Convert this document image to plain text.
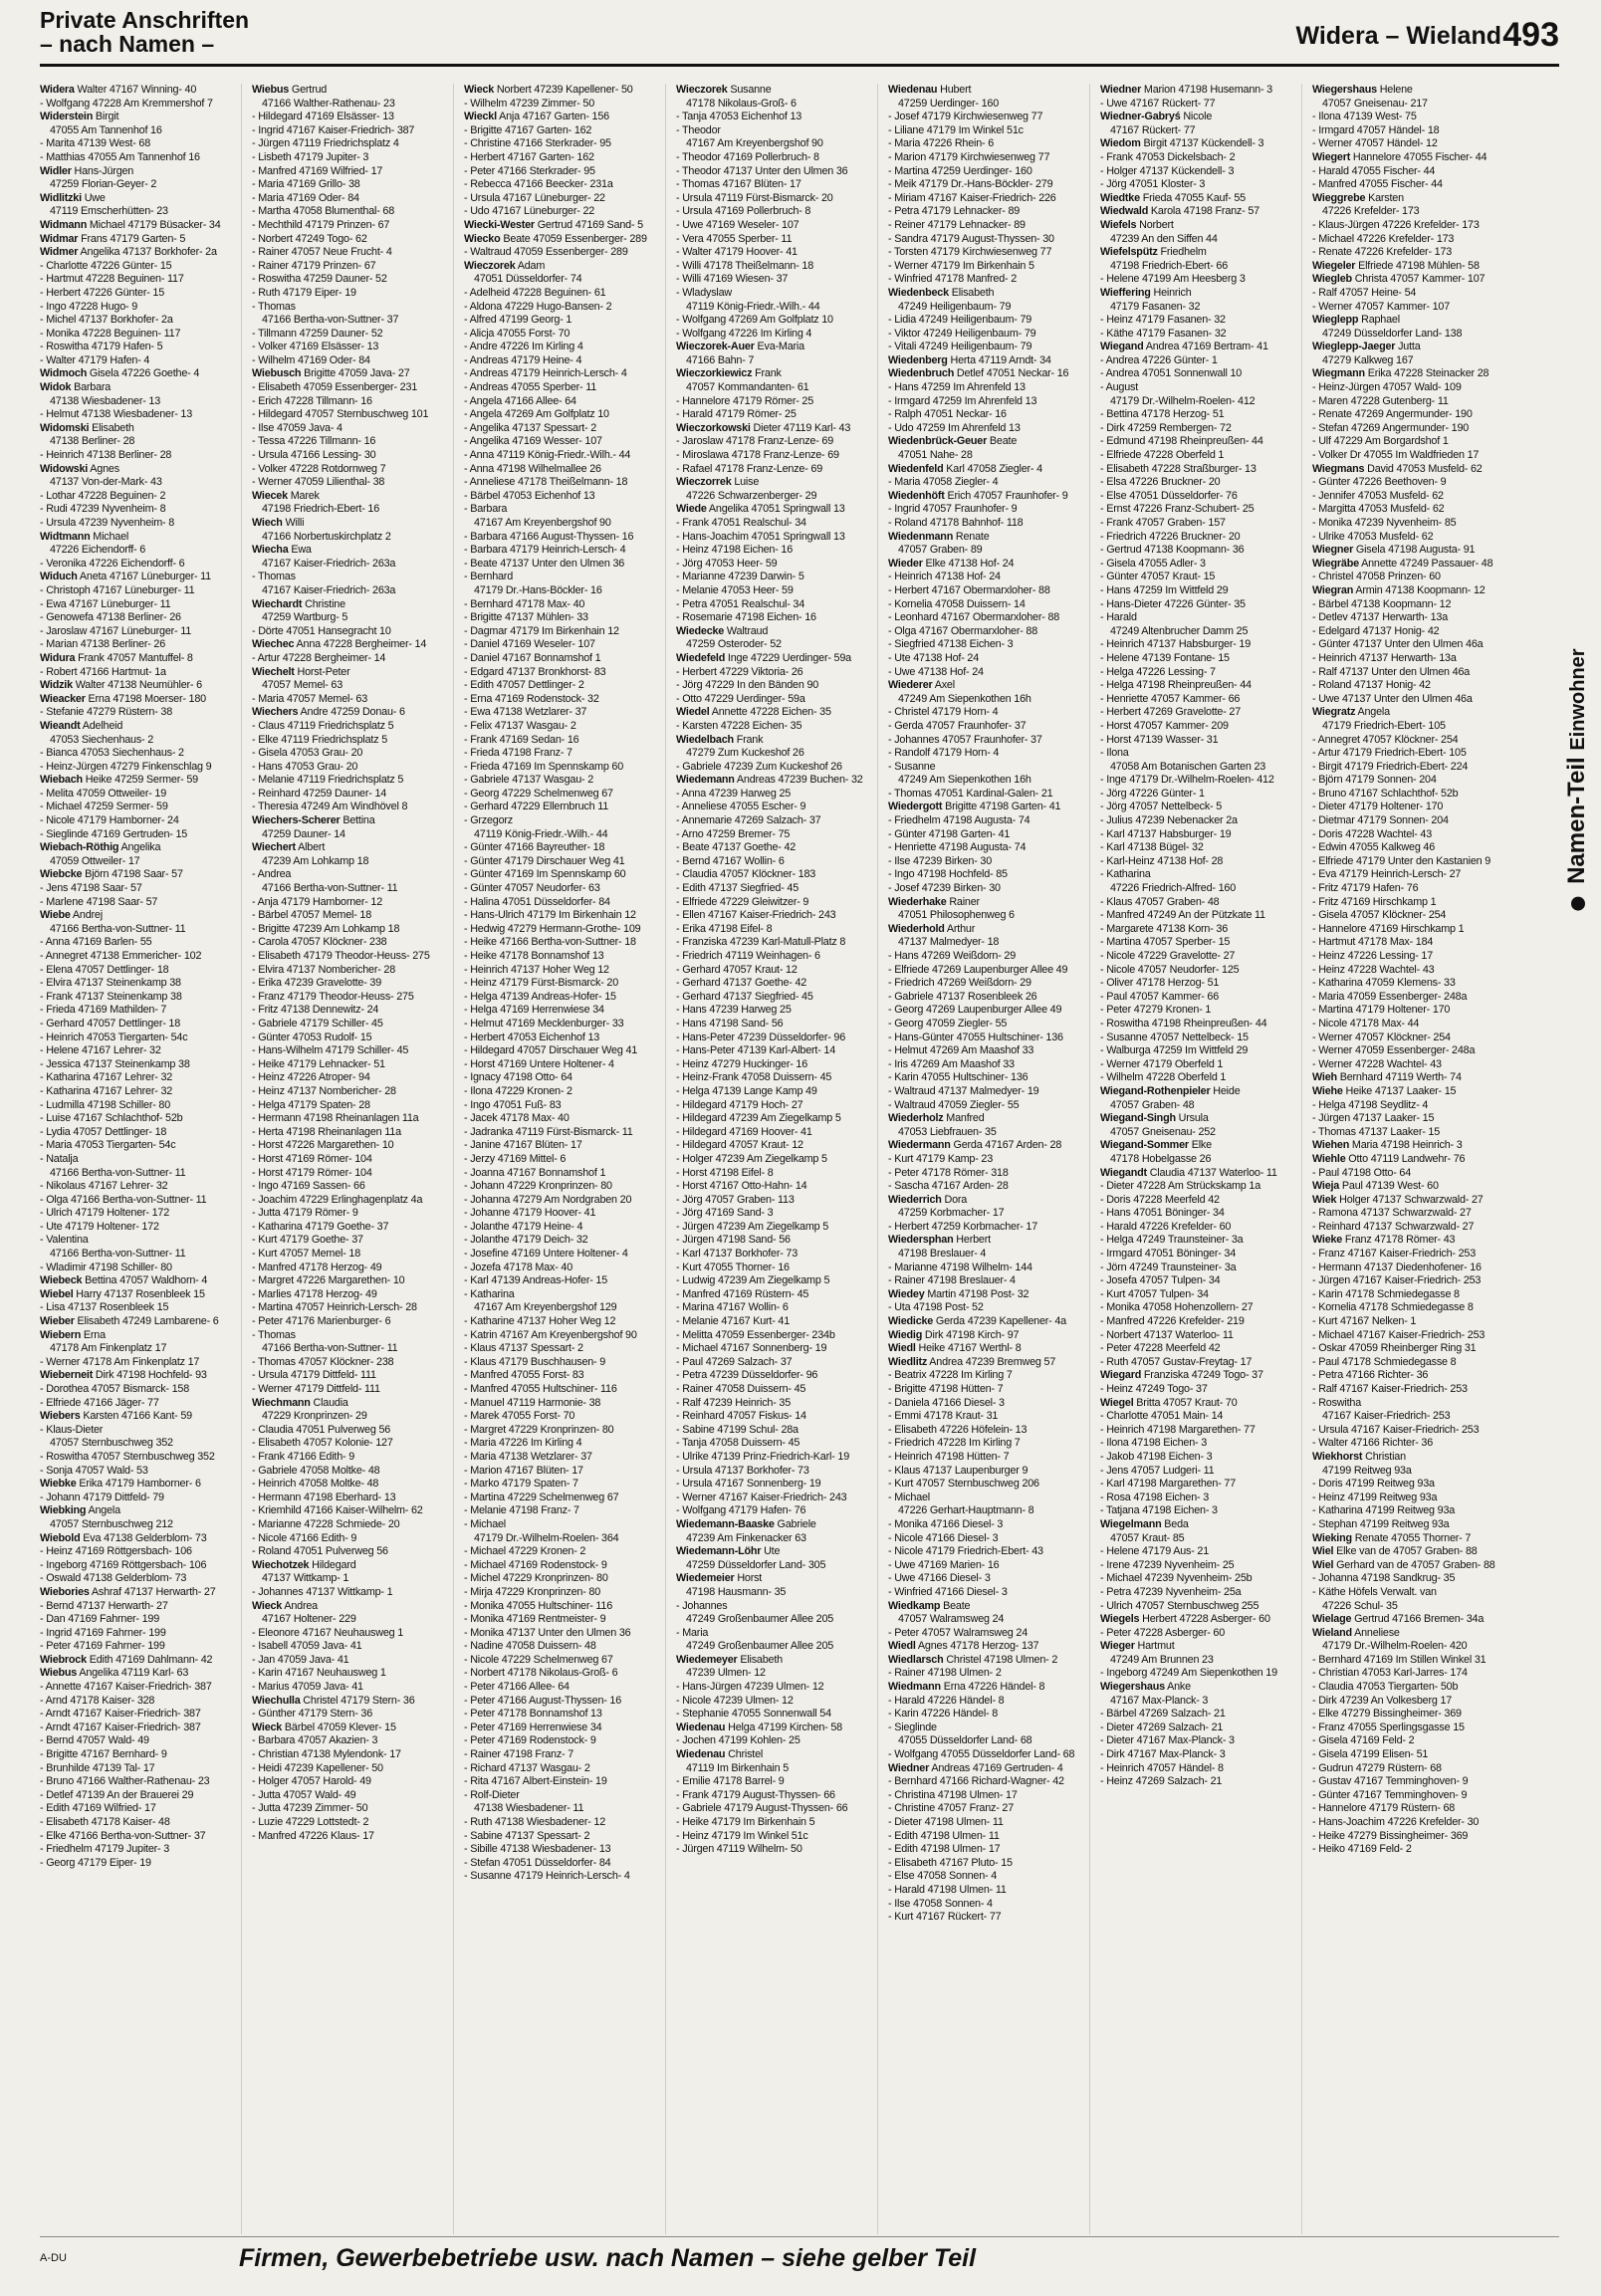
Private Anschriften
– nach Namen –	Widera – Wieland 493
Widera Walter 47167 Winning- 40
- Wolfgang 47228 Am Kremmershof 7
Widerstein Birgit
47055 Am Tannenhof 16
- Marita 47139 West- 68
- Matthias 47055 Am Tannenhof 16
Widler Hans-Jürgen
47259 Florian-Geyer- 2
Widlitzki Uwe
47119 Emscherhütten- 23
Widmann Michael 47179 Büsacker- 34
Widmar Frans 47179 Garten- 5
Widmer Angelika 47137 Borkhofer- 2a
- Charlotte 47226 Günter- 15
- Hartmut 47228 Beguinen- 117
- Herbert 47226 Günter- 15
- Ingo 47228 Hugo- 9
- Michel 47137 Borkhofer- 2a
- Monika 47228 Beguinen- 117
- Roswitha 47179 Hafen- 5
- Walter 47179 Hafen- 4
Widmoch Gisela 47226 Goethe- 4
Widok Barbara
47138 Wiesbadener- 13
- Helmut 47138 Wiesbadener- 13
Widomski Elisabeth
47138 Berliner- 28
- Heinrich 47138 Berliner- 28
Widowski Agnes
47137 Von-der-Mark- 43
- Lothar 47228 Beguinen- 2
- Rudi 47239 Nyvenheim- 8
- Ursula 47239 Nyvenheim- 8
Widtmann Michael
47226 Eichendorff- 6
- Veronika 47226 Eichendorff- 6
Widuch Aneta 47167 Lüneburger- 11
- Christoph 47167 Lüneburger- 11
- Ewa 47167 Lüneburger- 11
- Genowefa 47138 Berliner- 26
- Jaroslaw 47167 Lüneburger- 11
- Marian 47138 Berliner- 26
Widura Frank 47057 Mantuffel- 8
- Robert 47166 Hartmut- 1a
Widzik Walter 47138 Neumühler- 6
Wieacker Erna 47198 Moerser- 180
- Stefanie 47279 Rüstern- 38
Wieandt Adelheid
47053 Siechenhaus- 2
- Bianca 47053 Siechenhaus- 2
- Heinz-Jürgen 47279 Finkenschlag 9
Wiebach Heike 47259 Sermer- 59
- Melita 47059 Ottweiler- 19
- Michael 47259 Sermer- 59
- Nicole 47179 Hamborner- 24
- Sieglinde 47169 Gertruden- 15
Wiebach-Röthig Angelika
47059 Ottweiler- 17
Wiebcke Björn 47198 Saar- 57
- Jens 47198 Saar- 57
- Marlene 47198 Saar- 57
Wiebe Andrej
47166 Bertha-von-Suttner- 11
- Anna 47169 Barlen- 55
- Annegret 47138 Emmericher- 102
- Elena 47057 Dettlinger- 18
- Elvira 47137 Steinenkamp 38
- Frank 47137 Steinenkamp 38
- Frieda 47169 Mathilden- 7
- Gerhard 47057 Dettlinger- 18
- Heinrich 47053 Tiergarten- 54c
- Helene 47167 Lehrer- 32
- Jessica 47137 Steinenkamp 38
- Katharina 47167 Lehrer- 32
- Katharina 47167 Lehrer- 32
- Ludmilla 47198 Schiller- 80
- Luise 47167 Schlachthof- 52b
- Lydia 47057 Dettlinger- 18
- Maria 47053 Tiergarten- 54c
- Natalja
47166 Bertha-von-Suttner- 11
- Nikolaus 47167 Lehrer- 32
- Olga 47166 Bertha-von-Suttner- 11
- Ulrich 47179 Holtener- 172
- Ute 47179 Holtener- 172
- Valentina
47166 Bertha-von-Suttner- 11
- Wladimir 47198 Schiller- 80
Wiebeck Bettina 47057 Waldhorn- 4
Wiebel Harry 47137 Rosenbleek 15
- Lisa 47137 Rosenbleek 15
Wieber Elisabeth 47249 Lambarene- 6
Wiebern Erna
47178 Am Finkenplatz 17
- Werner 47178 Am Finkenplatz 17
Wieberneit Dirk 47198 Hochfeld- 93
- Dorothea 47057 Bismarck- 158
- Elfriede 47166 Jäger- 77
Wiebers Karsten 47166 Kant- 59
- Klaus-Dieter
47057 Sternbuschweg 352
- Roswitha 47057 Sternbuschweg 352
- Sonja 47057 Wald- 53
Wiebke Erika 47179 Hamborner- 6
- Johann 47179 Dittfeld- 79
Wiebking Angela
47057 Sternbuschweg 212
Wiebold Eva 47138 Gelderblom- 73
- Heinz 47169 Röttgersbach- 106
- Ingeborg 47169 Röttgersbach- 106
- Oswald 47138 Gelderblom- 73
Wiebories Ashraf 47137 Herwarth- 27
- Bernd 47137 Herwarth- 27
- Dan 47169 Fahrner- 199
- Ingrid 47169 Fahrner- 199
- Peter 47169 Fahrner- 199
Wiebrock Edith 47169 Dahlmann- 42
Wiebus Angelika 47119 Karl- 63
- Annette 47167 Kaiser-Friedrich- 387
- Arnd 47178 Kaiser- 328
- Arndt 47167 Kaiser-Friedrich- 387
- Arndt 47167 Kaiser-Friedrich- 387
- Bernd 47057 Wald- 49
- Brigitte 47167 Bernhard- 9
- Brunhilde 47139 Tal- 17
- Bruno 47166 Walther-Rathenau- 23
- Detlef 47139 An der Brauerei 29
- Edith 47169 Wilfried- 17
- Elisabeth 47178 Kaiser- 48
- Elke 47166 Bertha-von-Suttner- 37
- Friedhelm 47179 Jupiter- 3
- Georg 47179 Eiper- 19
Wiebus Gertrud
47166 Walther-Rathenau- 23
- Hildegard 47169 Elsässer- 13
- Ingrid 47167 Kaiser-Friedrich- 387
- Jürgen 47119 Friedrichsplatz 4
- Lisbeth 47179 Jupiter- 3
- Manfred 47169 Wilfried- 17
- Maria 47169 Grillo- 38
- Maria 47169 Oder- 84
- Martha 47058 Blumenthal- 68
- Mechthild 47179 Prinzen- 67
- Norbert 47249 Togo- 62
- Rainer 47057 Neue Frucht- 4
- Rainer 47179 Prinzen- 67
- Roswitha 47259 Dauner- 52
- Ruth 47179 Eiper- 19
- Thomas
47166 Bertha-von-Suttner- 37
- Tillmann 47259 Dauner- 52
- Volker 47169 Elsässer- 13
- Wilhelm 47169 Oder- 84
Wiebusch Brigitte 47059 Java- 27
- Elisabeth 47059 Essenberger- 231
- Erich 47228 Tillmann- 16
- Hildegard 47057 Sternbuschweg 101
- Ilse 47059 Java- 4
- Tessa 47226 Tillmann- 16
- Ursula 47166 Lessing- 30
- Volker 47228 Rotdornweg 7
- Werner 47059 Lilienthal- 38
Wiecek Marek
47198 Friedrich-Ebert- 16
Wiech Willi
47166 Norbertuskirchplatz 2
Wiecha Ewa
47167 Kaiser-Friedrich- 263a
- Thomas
47167 Kaiser-Friedrich- 263a
Wiechardt Christine
47259 Wartburg- 5
- Dörte 47051 Hansegracht 10
Wiechec Anna 47228 Bergheimer- 14
- Artur 47228 Bergheimer- 14
Wiechelt Horst-Peter
47057 Memel- 63
- Maria 47057 Memel- 63
Wiechers Andre 47259 Donau- 6
- Claus 47119 Friedrichsplatz 5
- Elke 47119 Friedrichsplatz 5
- Gisela 47053 Grau- 20
- Hans 47053 Grau- 20
- Melanie 47119 Friedrichsplatz 5
- Reinhard 47259 Dauner- 14
- Theresia 47249 Am Windhövel 8
Wiechers-Scherer Bettina
47259 Dauner- 14
Wiechert Albert
47239 Am Lohkamp 18
- Andrea
47166 Bertha-von-Suttner- 11
- Anja 47179 Hamborner- 12
- Bärbel 47057 Memel- 18
- Brigitte 47239 Am Lohkamp 18
- Carola 47057 Klöckner- 238
- Elisabeth 47179 Theodor-Heuss- 275
- Elvira 47137 Nombericher- 28
- Erika 47239 Gravelotte- 39
- Franz 47179 Theodor-Heuss- 275
- Fritz 47138 Dennewitz- 24
- Gabriele 47179 Schiller- 45
- Günter 47053 Rudolf- 15
- Hans-Wilhelm 47179 Schiller- 45
- Heike 47179 Lehnacker- 51
- Heinz 47226 Atroper- 94
- Heinz 47137 Nombericher- 28
- Helga 47179 Spaten- 28
- Hermann 47198 Rheinanlagen 11a
- Herta 47198 Rheinanlagen 11a
- Horst 47226 Margarethen- 10
- Horst 47169 Römer- 104
- Horst 47179 Römer- 104
- Ingo 47169 Sassen- 66
- Joachim 47229 Erlinghagenplatz 4a
- Jutta 47179 Römer- 9
- Katharina 47179 Goethe- 37
- Kurt 47179 Goethe- 37
- Kurt 47057 Memel- 18
- Manfred 47178 Herzog- 49
- Margret 47226 Margarethen- 10
- Marlies 47178 Herzog- 49
- Martina 47057 Heinrich-Lersch- 28
- Peter 47176 Marienburger- 6
- Thomas
47166 Bertha-von-Suttner- 11
- Thomas 47057 Klöckner- 238
- Ursula 47179 Dittfeld- 111
- Werner 47179 Dittfeld- 111
Wiechmann Claudia
47229 Kronprinzen- 29
- Claudia 47051 Pulverweg 56
- Elisabeth 47057 Kolonie- 127
- Frank 47166 Edith- 9
- Gabriele 47058 Moltke- 48
- Heinrich 47058 Moltke- 48
- Hermann 47198 Eberhard- 13
- Kriemhild 47166 Kaiser-Wilhelm- 62
- Marianne 47228 Schmiede- 20
- Nicole 47166 Edith- 9
- Roland 47051 Pulverweg 56
Wiechotzek Hildegard
47137 Wittkamp- 1
- Johannes 47137 Wittkamp- 1
Wieck Andrea
47167 Holtener- 229
- Eleonore 47167 Neuhausweg 1
- Isabell 47059 Java- 41
- Jan 47059 Java- 41
- Karin 47167 Neuhausweg 1
- Marius 47059 Java- 41
Wiechulla Christel 47179 Stern- 36
- Günther 47179 Stern- 36
Wieck Bärbel 47059 Klever- 15
- Barbara 47057 Akazien- 3
- Christian 47138 Mylendonk- 17
- Heidi 47239 Kapellener- 50
- Holger 47057 Harold- 49
- Jutta 47057 Wald- 49
- Jutta 47239 Zimmer- 50
- Luzie 47229 Lottstedt- 2
- Manfred 47226 Klaus- 17
Wieck Norbert 47239 Kapellener- 50
- Wilhelm 47239 Zimmer- 50
Wieckl Anja 47167 Garten- 156
- Brigitte 47167 Garten- 162
- Christine 47166 Sterkrader- 95
- Herbert 47167 Garten- 162
- Peter 47166 Sterkrader- 95
- Rebecca 47166 Beecker- 231a
- Ursula 47167 Lüneburger- 22
- Udo 47167 Lüneburger- 22
Wiecki-Wester Gertrud 47169 Sand- 5
Wiecko Beate 47059 Essenberger- 289
- Waltraud 47059 Essenberger- 289
Wieczorek Adam
47051 Düsseldorfer- 74
- Adelheid 47228 Beguinen- 61
- Aldona 47229 Hugo-Bansen- 2
- Alfred 47199 Georg- 1
- Alicja 47055 Forst- 70
- Andre 47226 Im Kirling 4
- Andreas 47179 Heine- 4
- Andreas 47179 Heinrich-Lersch- 4
- Andreas 47055 Sperber- 11
- Angela 47166 Allee- 64
- Angela 47269 Am Golfplatz 10
- Angelika 47137 Spessart- 2
- Angelika 47169 Wesser- 107
- Anna 47119 König-Friedr.-Wilh.- 44
- Anna 47198 Wilhelmallee 26
- Anneliese 47178 Theißelmann- 18
- Bärbel 47053 Eichenhof 13
- Barbara
47167 Am Kreyenbergshof 90
- Barbara 47166 August-Thyssen- 16
- Barbara 47179 Heinrich-Lersch- 4
- Beate 47137 Unter den Ulmen 36
- Bernhard
47179 Dr.-Hans-Böckler- 16
- Bernhard 47178 Max- 40
- Brigitte 47137 Mühlen- 33
- Dagmar 47179 Im Birkenhain 12
- Daniel 47169 Weseler- 107
- Daniel 47167 Bonnamshof 1
- Edgard 47137 Bronkhorst- 83
- Edith 47057 Dettlinger- 2
- Erna 47169 Rodenstock- 32
- Ewa 47138 Wetzlarer- 37
- Felix 47137 Wasgau- 2
- Frank 47169 Sedan- 16
- Frieda 47198 Franz- 7
- Frieda 47169 Im Spennskamp 60
- Gabriele 47137 Wasgau- 2
- Georg 47229 Schelmenweg 67
- Gerhard 47229 Ellernbruch 11
- Grzegorz
47119 König-Friedr.-Wilh.- 44
- Günter 47166 Bayreuther- 18
- Günter 47179 Dirschauer Weg 41
- Günter 47169 Im Spennskamp 60
- Günter 47057 Neudorfer- 63
- Halina 47051 Düsseldorfer- 84
- Hans-Ulrich 47179 Im Birkenhain 12
- Hedwig 47279 Hermann-Grothe- 109
- Heike 47166 Bertha-von-Suttner- 18
- Heike 47178 Bonnamshof 13
- Heinrich 47137 Hoher Weg 12
- Heinz 47179 Fürst-Bismarck- 20
- Helga 47139 Andreas-Hofer- 15
- Helga 47169 Herrenwiese 34
- Helmut 47169 Mecklenburger- 33
- Herbert 47053 Eichenhof 13
- Hildegard 47057 Dirschauer Weg 41
- Horst 47169 Untere Holtener- 4
- Ignacy 47198 Otto- 64
- Ilona 47229 Kronen- 2
- Ingo 47051 Fuß- 83
- Jacek 47178 Max- 40
- Jadranka 47119 Fürst-Bismarck- 11
- Janine 47167 Blüten- 17
- Jerzy 47169 Mittel- 6
- Joanna 47167 Bonnamshof 1
- Johann 47229 Kronprinzen- 80
- Johanna 47279 Am Nordgraben 20
- Johanne 47179 Hoover- 41
- Jolanthe 47179 Heine- 4
- Jolanthe 47179 Deich- 32
- Josefine 47169 Untere Holtener- 4
- Jozefa 47178 Max- 40
- Karl 47139 Andreas-Hofer- 15
- Katharina
47167 Am Kreyenbergshof 129
- Katharine 47137 Hoher Weg 12
- Katrin 47167 Am Kreyenbergshof 90
- Klaus 47137 Spessart- 2
- Klaus 47179 Buschhausen- 9
- Manfred 47055 Forst- 83
- Manfred 47055 Hultschiner- 116
- Manuel 47119 Harmonie- 38
- Marek 47055 Forst- 70
- Margret 47229 Kronprinzen- 80
- Maria 47226 Im Kirling 4
- Maria 47138 Wetzlarer- 37
- Marion 47167 Blüten- 17
- Marko 47179 Spaten- 7
- Martina 47229 Schelmenweg 67
- Melanie 47198 Franz- 7
- Michael
47179 Dr.-Wilhelm-Roelen- 364
- Michael 47229 Kronen- 2
- Michael 47169 Rodenstock- 9
- Michel 47229 Kronprinzen- 80
- Mirja 47229 Kronprinzen- 80
- Monika 47055 Hultschiner- 116
- Monika 47169 Rentmeister- 9
- Monika 47137 Unter den Ulmen 36
- Nadine 47058 Duissern- 48
- Nicole 47229 Schelmenweg 67
- Norbert 47178 Nikolaus-Groß- 6
- Peter 47166 Allee- 64
- Peter 47166 August-Thyssen- 16
- Peter 47178 Bonnamshof 13
- Peter 47169 Herrenwiese 34
- Peter 47169 Rodenstock- 9
- Rainer 47198 Franz- 7
- Richard 47137 Wasgau- 2
- Rita 47167 Albert-Einstein- 19
- Rolf-Dieter
47138 Wiesbadener- 11
- Ruth 47138 Wiesbadener- 12
- Sabine 47137 Spessart- 2
- Sibille 47138 Wiesbadener- 13
- Stefan 47051 Düsseldorfer- 84
- Susanne 47179 Heinrich-Lersch- 4
Wieczorek Susanne
47178 Nikolaus-Groß- 6
- Tanja 47053 Eichenhof 13
- Theodor
47167 Am Kreyenbergshof 90
- Theodor 47169 Pollerbruch- 8
- Theodor 47137 Unter den Ulmen 36
- Thomas 47167 Blüten- 17
- Ursula 47119 Fürst-Bismarck- 20
- Ursula 47169 Pollerbruch- 8
- Uwe 47169 Weseler- 107
- Vera 47055 Sperber- 11
- Walter 47179 Hoover- 41
- Willi 47178 Theißelmann- 18
- Willi 47169 Wiesen- 37
- Wladyslaw
47119 König-Friedr.-Wilh.- 44
- Wolfgang 47269 Am Golfplatz 10
- Wolfgang 47226 Im Kirling 4
Wieczorek-Auer Eva-Maria
47166 Bahn- 7
Wieczorkiewicz Frank
47057 Kommandanten- 61
- Hannelore 47179 Römer- 25
- Harald 47179 Römer- 25
Wieczorkowski Dieter 47119 Karl- 43
- Jaroslaw 47178 Franz-Lenze- 69
- Miroslawa 47178 Franz-Lenze- 69
- Rafael 47178 Franz-Lenze- 69
Wieczorrek Luise
47226 Schwarzenberger- 29
Wiede Angelika 47051 Springwall 13
- Frank 47051 Realschul- 34
- Hans-Joachim 47051 Springwall 13
- Heinz 47198 Eichen- 16
- Jörg 47053 Heer- 59
- Marianne 47239 Darwin- 5
- Melanie 47053 Heer- 59
- Petra 47051 Realschul- 34
- Rosemarie 47198 Eichen- 16
Wiedecke Waltraud
47259 Osteroder- 52
Wiedefeld Inge 47229 Uerdinger- 59a
- Herbert 47229 Viktoria- 26
- Jörg 47229 In den Bänden 90
- Otto 47229 Uerdinger- 59a
Wiedel Annette 47228 Eichen- 35
- Karsten 47228 Eichen- 35
Wiedelbach Frank
47279 Zum Kuckeshof 26
- Gabriele 47239 Zum Kuckeshof 26
Wiedemann Andreas 47239 Buchen- 32
- Anna 47239 Harweg 25
- Anneliese 47055 Escher- 9
- Annemarie 47269 Salzach- 37
- Arno 47259 Bremer- 75
- Beate 47137 Goethe- 42
- Bernd 47167 Wollin- 6
- Claudia 47057 Klöckner- 183
- Edith 47137 Siegfried- 45
- Elfriede 47229 Gleiwitzer- 9
- Ellen 47167 Kaiser-Friedrich- 243
- Erika 47198 Eifel- 8
- Franziska 47239 Karl-Matull-Platz 8
- Friedrich 47119 Weinhagen- 6
- Gerhard 47057 Kraut- 12
- Gerhard 47137 Goethe- 42
- Gerhard 47137 Siegfried- 45
- Hans 47239 Harweg 25
- Hans 47198 Sand- 56
- Hans-Peter 47239 Düsseldorfer- 96
- Hans-Peter 47139 Karl-Albert- 14
- Heinz 47279 Huckinger- 16
- Heinz-Frank 47058 Duissern- 45
- Helga 47139 Lange Kamp 49
- Hildegard 47179 Hoch- 27
- Hildegard 47239 Am Ziegelkamp 5
- Hildegard 47169 Hoover- 41
- Hildegard 47057 Kraut- 12
- Holger 47239 Am Ziegelkamp 5
- Horst 47198 Eifel- 8
- Horst 47167 Otto-Hahn- 14
- Jörg 47057 Graben- 113
- Jörg 47169 Sand- 3
- Jürgen 47239 Am Ziegelkamp 5
- Jürgen 47198 Sand- 56
- Karl 47137 Borkhofer- 73
- Kurt 47055 Thorner- 16
- Ludwig 47239 Am Ziegelkamp 5
- Manfred 47169 Rüstern- 45
- Marina 47167 Wollin- 6
- Melanie 47167 Kurt- 41
- Melitta 47059 Essenberger- 234b
- Michael 47167 Sonnenberg- 19
- Paul 47269 Salzach- 37
- Petra 47239 Düsseldorfer- 96
- Rainer 47058 Duissern- 45
- Ralf 47239 Heinrich- 35
- Reinhard 47057 Fiskus- 14
- Sabine 47199 Schul- 28a
- Tanja 47058 Duissern- 45
- Ulrike 47139 Prinz-Friedrich-Karl- 19
- Ursula 47137 Borkhofer- 73
- Ursula 47167 Sonnenberg- 19
- Werner 47167 Kaiser-Friedrich- 243
- Wolfgang 47179 Hafen- 76
Wiedemann-Baaske Gabriele
47239 Am Finkenacker 63
Wiedemann-Löhr Ute
47259 Düsseldorfer Land- 305
Wiedemeier Horst
47198 Hausmann- 35
- Johannes
47249 Großenbaumer Allee 205
- Maria
47249 Großenbaumer Allee 205
Wiedemeyer Elisabeth
47239 Ulmen- 12
- Hans-Jürgen 47239 Ulmen- 12
- Nicole 47239 Ulmen- 12
- Stephanie 47055 Sonnenwall 54
Wiedenau Helga 47199 Kirchen- 58
- Jochen 47199 Kohlen- 25
Wiedenau Christel
47119 Im Birkenhain 5
- Emilie 47178 Barrel- 9
- Frank 47179 August-Thyssen- 66
- Gabriele 47179 August-Thyssen- 66
- Heike 47179 Im Birkenhain 5
- Heinz 47179 Im Winkel 51c
- Jürgen 47119 Wilhelm- 50
Wiedenau Hubert
47259 Uerdinger- 160
- Josef 47179 Kirchwiesenweg 77
- Liliane 47179 Im Winkel 51c
- Maria 47226 Rhein- 6
- Marion 47179 Kirchwiesenweg 77
- Martina 47259 Uerdinger- 160
- Meik 47179 Dr.-Hans-Böckler- 279
- Miriam 47167 Kaiser-Friedrich- 226
- Petra 47179 Lehnacker- 89
- Reiner 47179 Lehnacker- 89
- Sandra 47179 August-Thyssen- 30
- Torsten 47179 Kirchwiesenweg 77
- Werner 47179 Im Birkenhain 5
- Winfried 47178 Manfred- 2
Wiedenbeck Elisabeth
47249 Heiligenbaum- 79
- Lidia 47249 Heiligenbaum- 79
- Viktor 47249 Heiligenbaum- 79
- Vitali 47249 Heiligenbaum- 79
Wiedenberg Herta 47119 Arndt- 34
Wiedenbruch Detlef 47051 Neckar- 16
- Hans 47259 Im Ahrenfeld 13
- Irmgard 47259 Im Ahrenfeld 13
- Ralph 47051 Neckar- 16
- Udo 47259 Im Ahrenfeld 13
Wiedenbrück-Geuer Beate
47051 Nahe- 28
Wiedenfeld Karl 47058 Ziegler- 4
- Maria 47058 Ziegler- 4
Wiedenhöft Erich 47057 Fraunhofer- 9
- Ingrid 47057 Fraunhofer- 9
- Roland 47178 Bahnhof- 118
Wiedenmann Renate
47057 Graben- 89
Wieder Elke 47138 Hof- 24
- Heinrich 47138 Hof- 24
- Herbert 47167 Obermarxloher- 88
- Kornelia 47058 Duissern- 14
- Leonhard 47167 Obermarxloher- 88
- Olga 47167 Obermarxloher- 88
- Siegfried 47138 Eichen- 3
- Ute 47138 Hof- 24
- Uwe 47138 Hof- 24
Wiederer Axel
47249 Am Siepenkothen 16h
- Christel 47179 Horn- 4
- Gerda 47057 Fraunhofer- 37
- Johannes 47057 Fraunhofer- 37
- Randolf 47179 Horn- 4
- Susanne
47249 Am Siepenkothen 16h
- Thomas 47051 Kardinal-Galen- 21
Wiedergott Brigitte 47198 Garten- 41
- Friedhelm 47198 Augusta- 74
- Günter 47198 Garten- 41
- Henriette 47198 Augusta- 74
- Ilse 47239 Birken- 30
- Ingo 47198 Hochfeld- 85
- Josef 47239 Birken- 30
Wiederhake Rainer
47051 Philosophenweg 6
Wiederhold Arthur
47137 Malmedyer- 18
- Hans 47269 Weißdorn- 29
- Elfriede 47269 Laupenburger Allee 49
- Friedrich 47269 Weißdorn- 29
- Gabriele 47137 Rosenbleek 26
- Georg 47269 Laupenburger Allee 49
- Georg 47059 Ziegler- 55
- Hans-Günter 47055 Hultschiner- 136
- Helmut 47269 Am Maashof 33
- Iris 47269 Am Maashof 33
- Karin 47055 Hultschiner- 136
- Waltraud 47137 Malmedyer- 19
- Waltraud 47059 Ziegler- 55
Wiederholz Manfred
47053 Liebfrauen- 35
Wiedermann Gerda 47167 Arden- 28
- Kurt 47179 Kamp- 23
- Peter 47178 Römer- 318
- Sascha 47167 Arden- 28
Wiederrich Dora
47259 Korbmacher- 17
- Herbert 47259 Korbmacher- 17
Wiedersphan Herbert
47198 Breslauer- 4
- Marianne 47198 Wilhelm- 144
- Rainer 47198 Breslauer- 4
Wiedey Martin 47198 Post- 32
- Uta 47198 Post- 52
Wiedicke Gerda 47239 Kapellener- 4a
Wiedig Dirk 47198 Kirch- 97
Wiedl Heike 47167 Werthl- 8
Wiedlitz Andrea 47239 Bremweg 57
- Beatrix 47228 Im Kirling 7
- Brigitte 47198 Hütten- 7
- Daniela 47166 Diesel- 3
- Emmi 47178 Kraut- 31
- Elisabeth 47226 Höfelein- 13
- Friedrich 47228 Im Kirling 7
- Heinrich 47198 Hütten- 7
- Klaus 47137 Laupenburger 9
- Kurt 47057 Sternbuschweg 206
- Michael
47226 Gerhart-Hauptmann- 8
- Monika 47166 Diesel- 3
- Nicole 47166 Diesel- 3
- Nicole 47179 Friedrich-Ebert- 43
- Uwe 47169 Marien- 16
- Uwe 47166 Diesel- 3
- Winfried 47166 Diesel- 3
Wiedkamp Beate
47057 Walramsweg 24
- Peter 47057 Walramsweg 24
Wiedl Agnes 47178 Herzog- 137
Wiedlarsch Christel 47198 Ulmen- 2
- Rainer 47198 Ulmen- 2
Wiedmann Erna 47226 Händel- 8
- Harald 47226 Händel- 8
- Karin 47226 Händel- 8
- Sieglinde
47055 Düsseldorfer Land- 68
- Wolfgang 47055 Düsseldorfer Land- 68
Wiedner Andreas 47169 Gertruden- 4
- Bernhard 47166 Richard-Wagner- 42
- Christina 47198 Ulmen- 17
- Christine 47057 Franz- 27
- Dieter 47198 Ulmen- 11
- Edith 47198 Ulmen- 11
- Edith 47198 Ulmen- 17
- Elisabeth 47167 Pluto- 15
- Else 47058 Sonnen- 4
- Harald 47198 Ulmen- 11
- Ilse 47058 Sonnen- 4
- Kurt 47167 Rückert- 77
Wiedner Marion 47198 Husemann- 3
- Uwe 47167 Rückert- 77
Wiedner-Gabryś Nicole
47167 Rückert- 77
Wiedom Birgit 47137 Kückendell- 3
- Frank 47053 Dickelsbach- 2
- Holger 47137 Kückendell- 3
- Jörg 47051 Kloster- 3
Wiedtke Frieda 47055 Kauf- 55
Wiedwald Karola 47198 Franz- 57
Wiefels Norbert
47239 An den Siffen 44
Wiefelspütz Friedhelm
47198 Friedrich-Ebert- 66
- Helene 47199 Am Heesberg 3
Wieffering Heinrich
47179 Fasanen- 32
- Heinz 47179 Fasanen- 32
- Käthe 47179 Fasanen- 32
Wiegand Andrea 47169 Bertram- 41
- Andrea 47226 Günter- 1
- Andrea 47051 Sonnenwall 10
- August
47179 Dr.-Wilhelm-Roelen- 412
- Bettina 47178 Herzog- 51
- Dirk 47259 Rembergen- 72
- Edmund 47198 Rheinpreußen- 44
- Elfriede 47228 Oberfeld 1
- Elisabeth 47228 Straßburger- 13
- Elsa 47226 Bruckner- 20
- Else 47051 Düsseldorfer- 76
- Ernst 47226 Franz-Schubert- 25
- Frank 47057 Graben- 157
- Friedrich 47226 Bruckner- 20
- Gertrud 47138 Koopmann- 36
- Gisela 47055 Adler- 3
- Günter 47057 Kraut- 15
- Hans 47259 Im Wittfeld 29
- Hans-Dieter 47226 Günter- 35
- Harald
47249 Altenbrucher Damm 25
- Heinrich 47137 Habsburger- 19
- Helene 47139 Fontane- 15
- Helga 47226 Lessing- 7
- Helga 47198 Rheinpreußen- 44
- Henriette 47057 Kammer- 66
- Herbert 47269 Gravelotte- 27
- Horst 47057 Kammer- 209
- Horst 47139 Wasser- 31
- Ilona
47058 Am Botanischen Garten 23
- Inge 47179 Dr.-Wilhelm-Roelen- 412
- Jörg 47226 Günter- 1
- Jörg 47057 Nettelbeck- 5
- Julius 47239 Nebenacker 2a
- Karl 47137 Habsburger- 19
- Karl 47138 Bügel- 32
- Karl-Heinz 47138 Hof- 28
- Katharina
47226 Friedrich-Alfred- 160
- Klaus 47057 Graben- 48
- Manfred 47249 An der Pützkate 11
- Margarete 47138 Korn- 36
- Martina 47057 Sperber- 15
- Nicole 47229 Gravelotte- 27
- Nicole 47057 Neudorfer- 125
- Oliver 47178 Herzog- 51
- Paul 47057 Kammer- 66
- Peter 47279 Kronen- 1
- Roswitha 47198 Rheinpreußen- 44
- Susanne 47057 Nettelbeck- 15
- Walburga 47259 Im Wittfeld 29
- Werner 47179 Oberfeld 1
- Wilhelm 47228 Oberfeld 1
Wiegand-Rothenpieler Heide
47057 Graben- 48
Wiegand-Singh Ursula
47057 Gneisenau- 252
Wiegand-Sommer Elke
47178 Hobelgasse 26
Wiegandt Claudia 47137 Waterloo- 11
- Dieter 47228 Am Strückskamp 1a
- Doris 47228 Meerfeld 42
- Hans 47051 Böninger- 34
- Harald 47226 Krefelder- 60
- Helga 47249 Traunsteiner- 3a
- Irmgard 47051 Böninger- 34
- Jörn 47249 Traunsteiner- 3a
- Josefa 47057 Tulpen- 34
- Kurt 47057 Tulpen- 34
- Monika 47058 Hohenzollern- 27
- Manfred 47226 Krefelder- 219
- Norbert 47137 Waterloo- 11
- Peter 47228 Meerfeld 42
- Ruth 47057 Gustav-Freytag- 17
Wiegard Franziska 47249 Togo- 37
- Heinz 47249 Togo- 37
Wiegel Britta 47057 Kraut- 70
- Charlotte 47051 Main- 14
- Heinrich 47198 Margarethen- 77
- Ilona 47198 Eichen- 3
- Jakob 47198 Eichen- 3
- Jens 47057 Ludgeri- 11
- Karl 47198 Margarethen- 77
- Rosa 47198 Eichen- 3
- Tatjana 47198 Eichen- 3
Wiegelmann Beda
47057 Kraut- 85
- Helene 47179 Aus- 21
- Irene 47239 Nyvenheim- 25
- Michael 47239 Nyvenheim- 25b
- Petra 47239 Nyvenheim- 25a
- Ulrich 47057 Sternbuschweg 255
Wiegels Herbert 47228 Asberger- 60
- Peter 47228 Asberger- 60
Wieger Hartmut
47249 Am Brunnen 23
- Ingeborg 47249 Am Siepenkothen 19
Wiegershaus Anke
47167 Max-Planck- 3
- Bärbel 47269 Salzach- 21
- Dieter 47269 Salzach- 21
- Dieter 47167 Max-Planck- 3
- Dirk 47167 Max-Planck- 3
- Heinrich 47057 Händel- 8
- Heinz 47269 Salzach- 21
Wiegershaus Helene
47057 Gneisenau- 217
- Ilona 47139 West- 75
- Irmgard 47057 Händel- 18
- Werner 47057 Händel- 12
Wiegert Hannelore 47055 Fischer- 44
- Harald 47055 Fischer- 44
- Manfred 47055 Fischer- 44
Wieggrebe Karsten
47226 Krefelder- 173
- Klaus-Jürgen 47226 Krefelder- 173
- Michael 47226 Krefelder- 173
- Renate 47226 Krefelder- 173
Wiegeler Elfriede 47198 Mühlen- 58
Wiegleb Christa 47057 Kammer- 107
- Ralf 47057 Heine- 54
- Werner 47057 Kammer- 107
Wieglepp Raphael
47249 Düsseldorfer Land- 138
Wieglepp-Jaeger Jutta
47279 Kalkweg 167
Wiegmann Erika 47228 Steinacker 28
- Heinz-Jürgen 47057 Wald- 109
- Maren 47228 Gutenberg- 11
- Renate 47269 Angermunder- 190
- Stefan 47269 Angermunder- 190
- Ulf 47229 Am Borgardshof 1
- Volker Dr 47055 Im Waldfrieden 17
Wiegmans David 47053 Musfeld- 62
- Günter 47226 Beethoven- 9
- Jennifer 47053 Musfeld- 62
- Margitta 47053 Musfeld- 62
- Monika 47239 Nyvenheim- 85
- Ulrike 47053 Musfeld- 62
Wiegner Gisela 47198 Augusta- 91
Wiegräbe Annette 47249 Passauer- 48
- Christel 47058 Prinzen- 60
Wiegran Armin 47138 Koopmann- 12
- Bärbel 47138 Koopmann- 12
- Detlev 47137 Herwarth- 13a
- Edelgard 47137 Honig- 42
- Günter 47137 Unter den Ulmen 46a
- Heinrich 47137 Herwarth- 13a
- Ralf 47137 Unter den Ulmen 46a
- Roland 47137 Honig- 42
- Uwe 47137 Unter den Ulmen 46a
Wiegratz Angela
47179 Friedrich-Ebert- 105
- Annegret 47057 Klöckner- 254
- Artur 47179 Friedrich-Ebert- 105
- Birgit 47179 Friedrich-Ebert- 224
- Björn 47179 Sonnen- 204
- Bruno 47167 Schlachthof- 52b
- Dieter 47179 Holtener- 170
- Dietmar 47179 Sonnen- 204
- Doris 47228 Wachtel- 43
- Edwin 47055 Kalkweg 46
- Elfriede 47179 Unter den Kastanien 9
- Eva 47179 Heinrich-Lersch- 27
- Fritz 47179 Hafen- 76
- Fritz 47169 Hirschkamp 1
- Gisela 47057 Klöckner- 254
- Hannelore 47169 Hirschkamp 1
- Hartmut 47178 Max- 184
- Heinz 47226 Lessing- 17
- Heinz 47228 Wachtel- 43
- Katharina 47059 Klemens- 33
- Maria 47059 Essenberger- 248a
- Martina 47179 Holtener- 170
- Nicole 47178 Max- 44
- Werner 47057 Klöckner- 254
- Werner 47059 Essenberger- 248a
- Werner 47228 Wachtel- 43
Wieh Bernhard 47119 Werth- 74
Wiehe Heike 47137 Laaker- 15
- Helga 47198 Seydlitz- 4
- Jürgen 47137 Laaker- 15
- Thomas 47137 Laaker- 15
Wiehen Maria 47198 Heinrich- 3
Wiehle Otto 47119 Landwehr- 76
- Paul 47198 Otto- 64
Wieja Paul 47139 West- 60
Wiek Holger 47137 Schwarzwald- 27
- Ramona 47137 Schwarzwald- 27
- Reinhard 47137 Schwarzwald- 27
Wieke Franz 47178 Römer- 43
- Franz 47167 Kaiser-Friedrich- 253
- Hermann 47137 Diedenhofener- 16
- Jürgen 47167 Kaiser-Friedrich- 253
- Karin 47178 Schmiedegasse 8
- Kornelia 47178 Schmiedegasse 8
- Kurt 47167 Nelken- 1
- Michael 47167 Kaiser-Friedrich- 253
- Oskar 47059 Rheinberger Ring 31
- Paul 47178 Schmiedegasse 8
- Petra 47166 Richter- 36
- Ralf 47167 Kaiser-Friedrich- 253
- Roswitha
47167 Kaiser-Friedrich- 253
- Ursula 47167 Kaiser-Friedrich- 253
- Walter 47166 Richter- 36
Wiekhorst Christian
47199 Reitweg 93a
- Doris 47199 Reitweg 93a
- Heinz 47199 Reitweg 93a
- Katharina 47199 Reitweg 93a
- Stephan 47199 Reitweg 93a
Wieking Renate 47055 Thorner- 7
Wiel Elke van de 47057 Graben- 88
Wiel Gerhard van de 47057 Graben- 88
- Johanna 47198 Sandkrug- 35
- Käthe Höfels Verwalt. van
47226 Schul- 35
Wielage Gertrud 47166 Bremen- 34a
Wieland Anneliese
47179 Dr.-Wilhelm-Roelen- 420
- Bernhard 47169 Im Stillen Winkel 31
- Christian 47053 Karl-Jarres- 174
- Claudia 47053 Tiergarten- 50b
- Dirk 47239 An Volkesberg 17
- Elke 47279 Bissingheimer- 369
- Franz 47055 Sperlingsgasse 15
- Gisela 47169 Feld- 2
- Gisela 47199 Elisen- 51
- Gudrun 47279 Rüstern- 68
- Gustav 47167 Temminghoven- 9
- Günter 47167 Temminghoven- 9
- Hannelore 47179 Rüstern- 68
- Hans-Joachim 47226 Krefelder- 30
- Heike 47279 Bissingheimer- 369
- Heiko 47169 Feld- 2
Namen-Teil Einwohner
A-DU	Firmen, Gewerbebetriebe usw. nach Namen – siehe gelber Teil
